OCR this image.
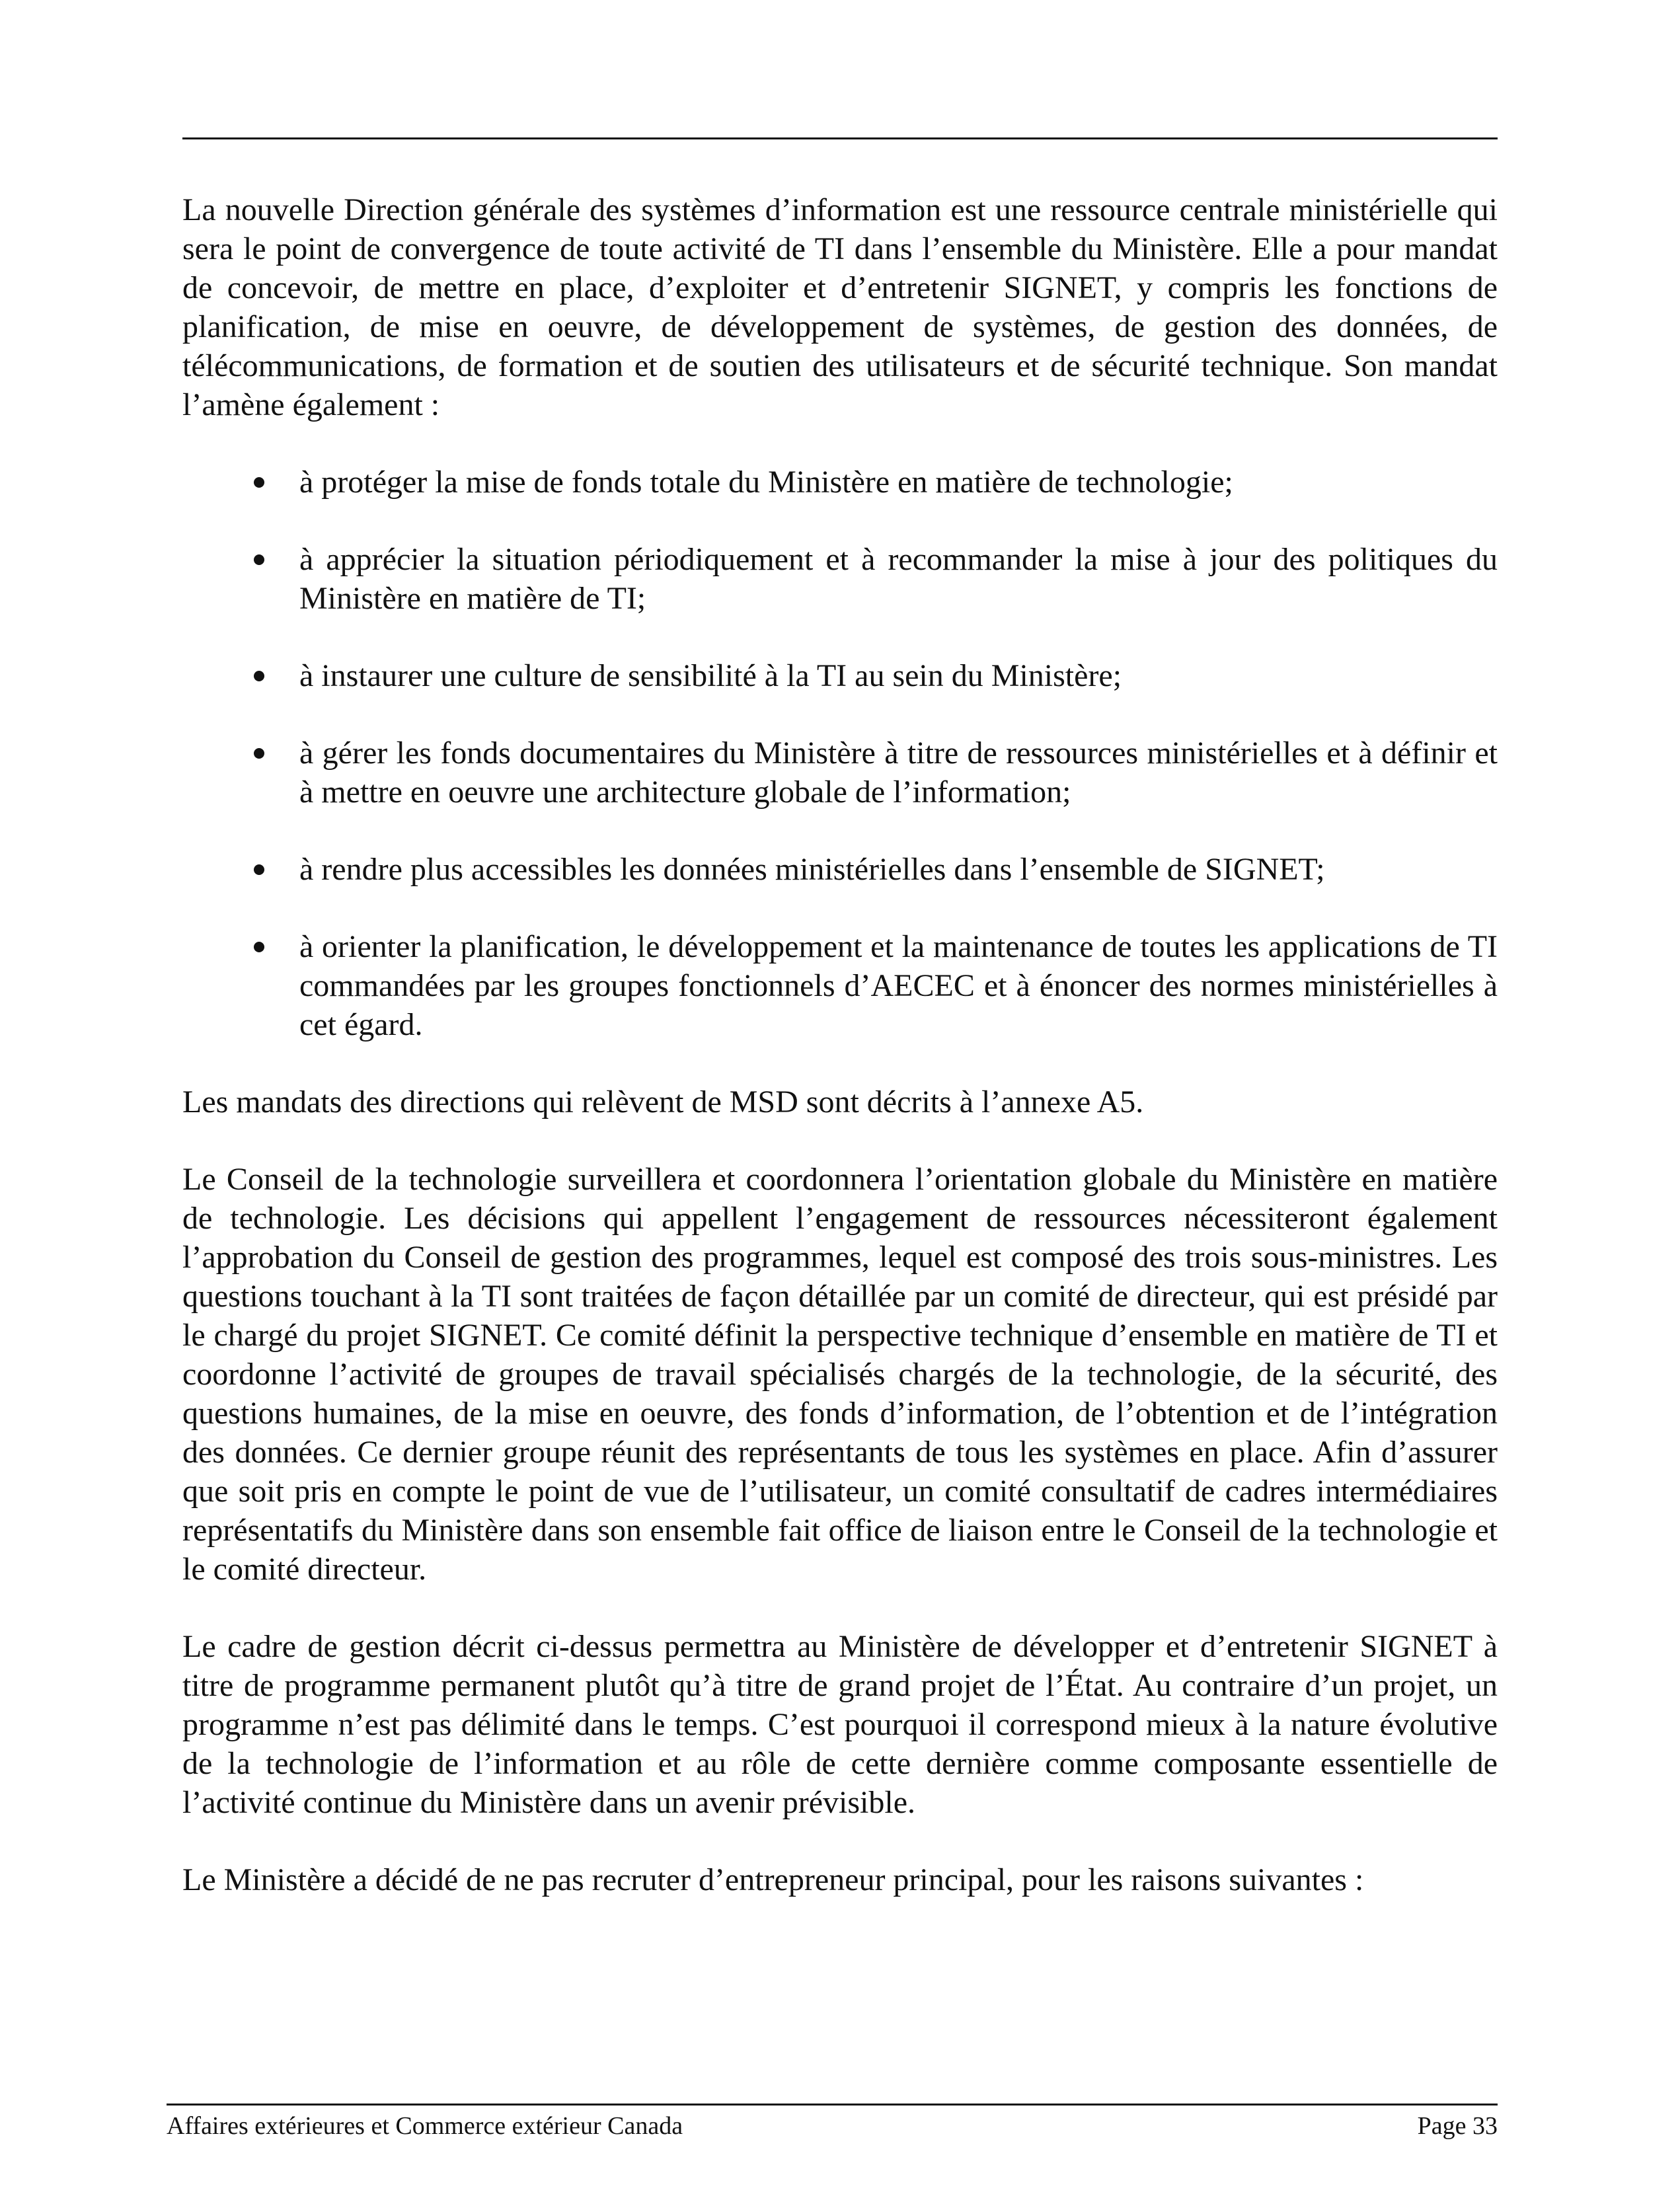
La nouvelle Direction générale des systèmes d’information est une ressource centrale ministérielle qui sera le point de convergence de toute activité de TI dans l’ensemble du Ministère. Elle a pour mandat de concevoir, de mettre en place, d’exploiter et d’entretenir SIGNET, y compris les fonctions de planification, de mise en oeuvre, de développement de systèmes, de gestion des données, de télécommunications, de formation et de soutien des utilisateurs et de sécurité technique. Son mandat l’amène également :

à protéger la mise de fonds totale du Ministère en matière de technologie;
à apprécier la situation périodiquement et à recommander la mise à jour des politiques du Ministère en matière de TI;
à instaurer une culture de sensibilité à la TI au sein du Ministère;
à gérer les fonds documentaires du Ministère à titre de ressources ministérielles et à définir et à mettre en oeuvre une architecture globale de l’information;
à rendre plus accessibles les données ministérielles dans l’ensemble de SIGNET;
à orienter la planification, le développement et la maintenance de toutes les applications de TI commandées par les groupes fonctionnels d’AECEC et à énoncer des normes ministérielles à cet égard.

Les mandats des directions qui relèvent de MSD sont décrits à l’annexe A5.

Le Conseil de la technologie surveillera et coordonnera l’orientation globale du Ministère en matière de technologie. Les décisions qui appellent l’engagement de ressources nécessiteront également l’approbation du Conseil de gestion des programmes, lequel est composé des trois sous-ministres. Les questions touchant à la TI sont traitées de façon détaillée par un comité de directeur, qui est présidé par le chargé du projet SIGNET. Ce comité définit la perspective technique d’ensemble en matière de TI et coordonne l’activité de groupes de travail spécialisés chargés de la technologie, de la sécurité, des questions humaines, de la mise en oeuvre, des fonds d’information, de l’obtention et de l’intégration des données. Ce dernier groupe réunit des représentants de tous les systèmes en place. Afin d’assurer que soit pris en compte le point de vue de l’utilisateur, un comité consultatif de cadres intermédiaires représentatifs du Ministère dans son ensemble fait office de liaison entre le Conseil de la technologie et le comité directeur.

Le cadre de gestion décrit ci-dessus permettra au Ministère de développer et d’entretenir SIGNET à titre de programme permanent plutôt qu’à titre de grand projet de l’État. Au contraire d’un projet, un programme n’est pas délimité dans le temps. C’est pourquoi il correspond mieux à la nature évolutive de la technologie de l’information et au rôle de cette dernière comme composante essentielle de l’activité continue du Ministère dans un avenir prévisible.

Le Ministère a décidé de ne pas recruter d’entrepreneur principal, pour les raisons suivantes :

Affaires extérieures et Commerce extérieur Canada	Page 33
